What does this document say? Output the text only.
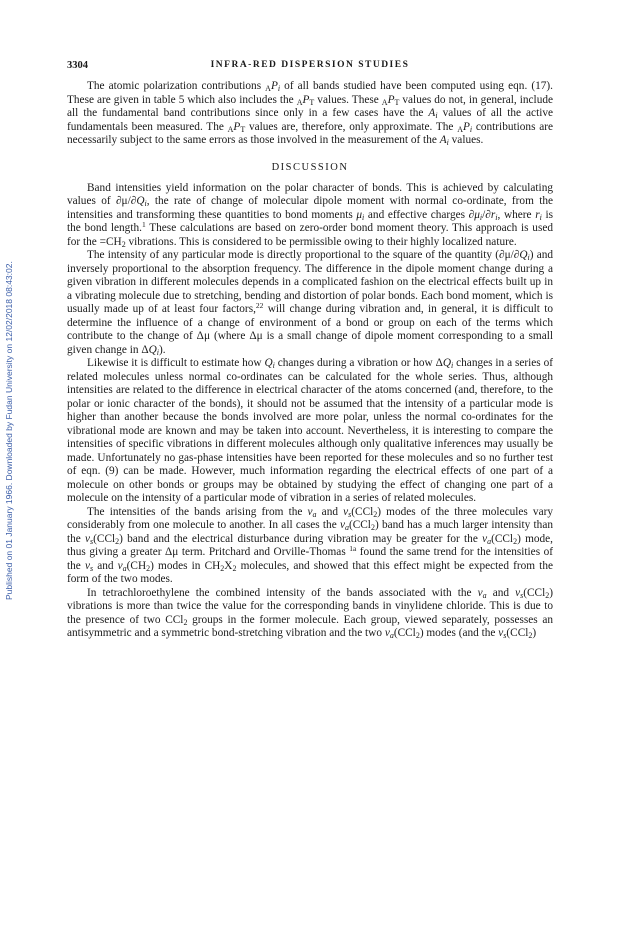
Published on 01 January 1966. Downloaded by Fudan University on 12/02/2018 08:43:02.
3304	INFRA-RED DISPERSION STUDIES

The atomic polarization contributions $_AP_i$ of all bands studied have been computed using eqn. (17). These are given in table 5 which also includes the $_AP_T$ values. These $_AP_T$ values do not, in general, include all the fundamental band contributions since only in a few cases have the $A_i$ values of all the active fundamentals been measured. The $_AP_T$ values are, therefore, only approximate. The $_AP_i$ contributions are necessarily subject to the same errors as those involved in the measurement of the $A_i$ values.

DISCUSSION

Band intensities yield information on the polar character of bonds. This is achieved by calculating values of $\partial\mu/\partial Q_i$, the rate of change of molecular dipole moment with normal co-ordinate, from the intensities and transforming these quantities to bond moments $\mu_i$ and effective charges $\partial\mu_i/\partial r_i$, where $r_i$ is the bond length.$^1$ These calculations are based on zero-order bond moment theory. This approach is used for the $=CH_2$ vibrations. This is considered to be permissible owing to their highly localized nature.

The intensity of any particular mode is directly proportional to the square of the quantity $(\partial\mu/\partial Q_i)$ and inversely proportional to the absorption frequency. The difference in the dipole moment change during a given vibration in different molecules depends in a complicated fashion on the electrical effects built up in a vibrating molecule due to stretching, bending and distortion of polar bonds. Each bond moment, which is usually made up of at least four factors,$^{22}$ will change during vibration and, in general, it is difficult to determine the influence of a change of environment of a bond or group on each of the terms which contribute to the change of Δμ (where Δμ is a small change of dipole moment corresponding to a small given change in $\Delta Q_i$).

Likewise it is difficult to estimate how $Q_i$ changes during a vibration or how $\Delta Q_i$ changes in a series of related molecules unless normal co-ordinates can be calculated for the whole series. Thus, although intensities are related to the difference in electrical character of the atoms concerned (and, therefore, to the polar or ionic character of the bonds), it should not be assumed that the intensity of a particular mode is higher than another because the bonds involved are more polar, unless the normal co-ordinates for the vibrational mode are known and may be taken into account. Nevertheless, it is interesting to compare the intensities of specific vibrations in different molecules although only qualitative inferences may usually be made. Unfortunately no gas-phase intensities have been reported for these molecules and so no further test of eqn. (9) can be made. However, much information regarding the electrical effects of one part of a molecule on other bonds or groups may be obtained by studying the effect of changing one part of a molecule on the intensity of a particular mode of vibration in a series of related molecules.

The intensities of the bands arising from the $\nu_a$ and $\nu_s(CCl_2)$ modes of the three molecules vary considerably from one molecule to another. In all cases the $\nu_a(CCl_2)$ band has a much larger intensity than the $\nu_s(CCl_2)$ band and the electrical disturbance during vibration may be greater for the $\nu_a(CCl_2)$ mode, thus giving a greater Δμ term. Pritchard and Orville-Thomas $^{1a}$ found the same trend for the intensities of the $\nu_s$ and $\nu_a(CH_2)$ modes in $CH_2X_2$ molecules, and showed that this effect might be expected from the form of the two modes.

In tetrachloroethylene the combined intensity of the bands associated with the $\nu_a$ and $\nu_s(CCl_2)$ vibrations is more than twice the value for the corresponding bands in vinylidene chloride. This is due to the presence of two CCl$_2$ groups in the former molecule. Each group, viewed separately, possesses an antisymmetric and a symmetric bond-stretching vibration and the two $\nu_a(CCl_2)$ modes (and the $\nu_s(CCl_2)$
